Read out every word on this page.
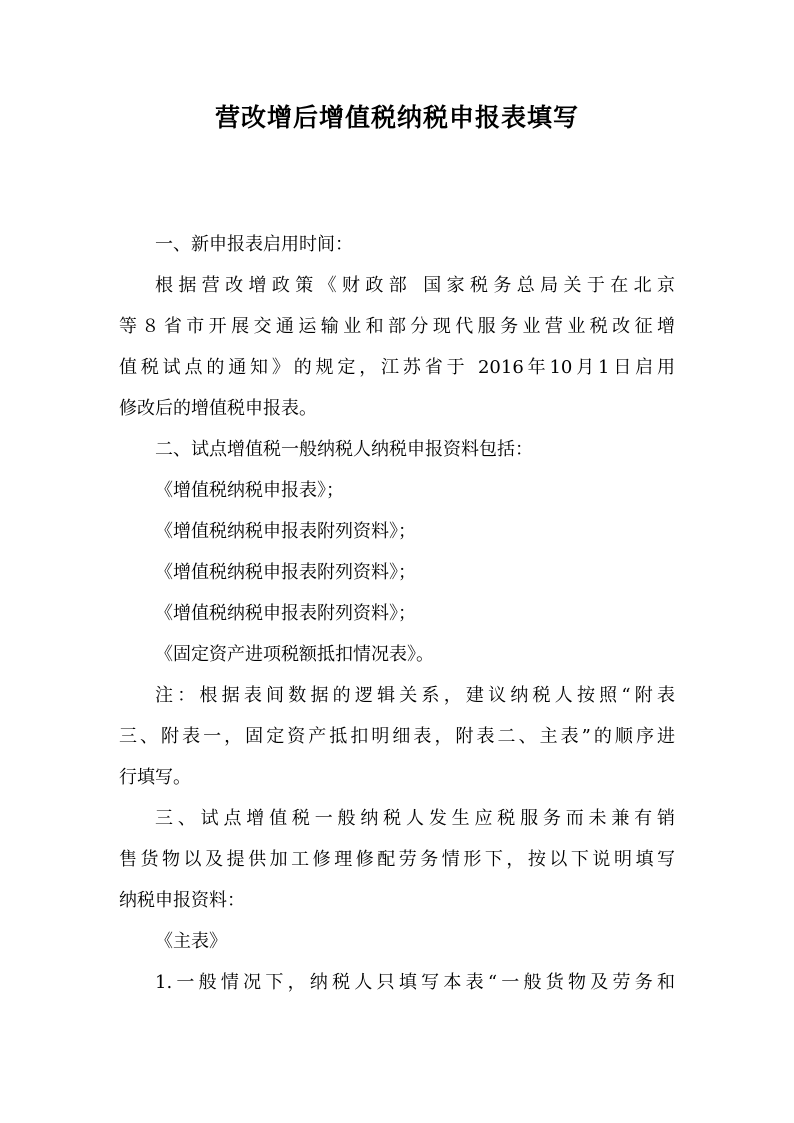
营改增后增值税纳税申报表填写

一、新申报表启用时间：

根据营改增政策《财政部 国家税务总局关于在北京

等８省市开展交通运输业和部分现代服务业营业税改征增

值税试点的通知》的规定，江苏省于 2016年10月1日启用

修改后的增值税申报表。

二、试点增值税一般纳税人纳税申报资料包括：

《增值税纳税申报表》；

《增值税纳税申报表附列资料》；

《增值税纳税申报表附列资料》；

《增值税纳税申报表附列资料》；

《固定资产进项税额抵扣情况表》。

注：根据表间数据的逻辑关系，建议纳税人按照“附表

三、附表一，固定资产抵扣明细表，附表二、主表”的顺序进

行填写。

三、试点增值税一般纳税人发生应税服务而未兼有销

售货物以及提供加工修理修配劳务情形下，按以下说明填写

纳税申报资料：

《主表》

1.一般情况下，纳税人只填写本表“一般货物及劳务和
